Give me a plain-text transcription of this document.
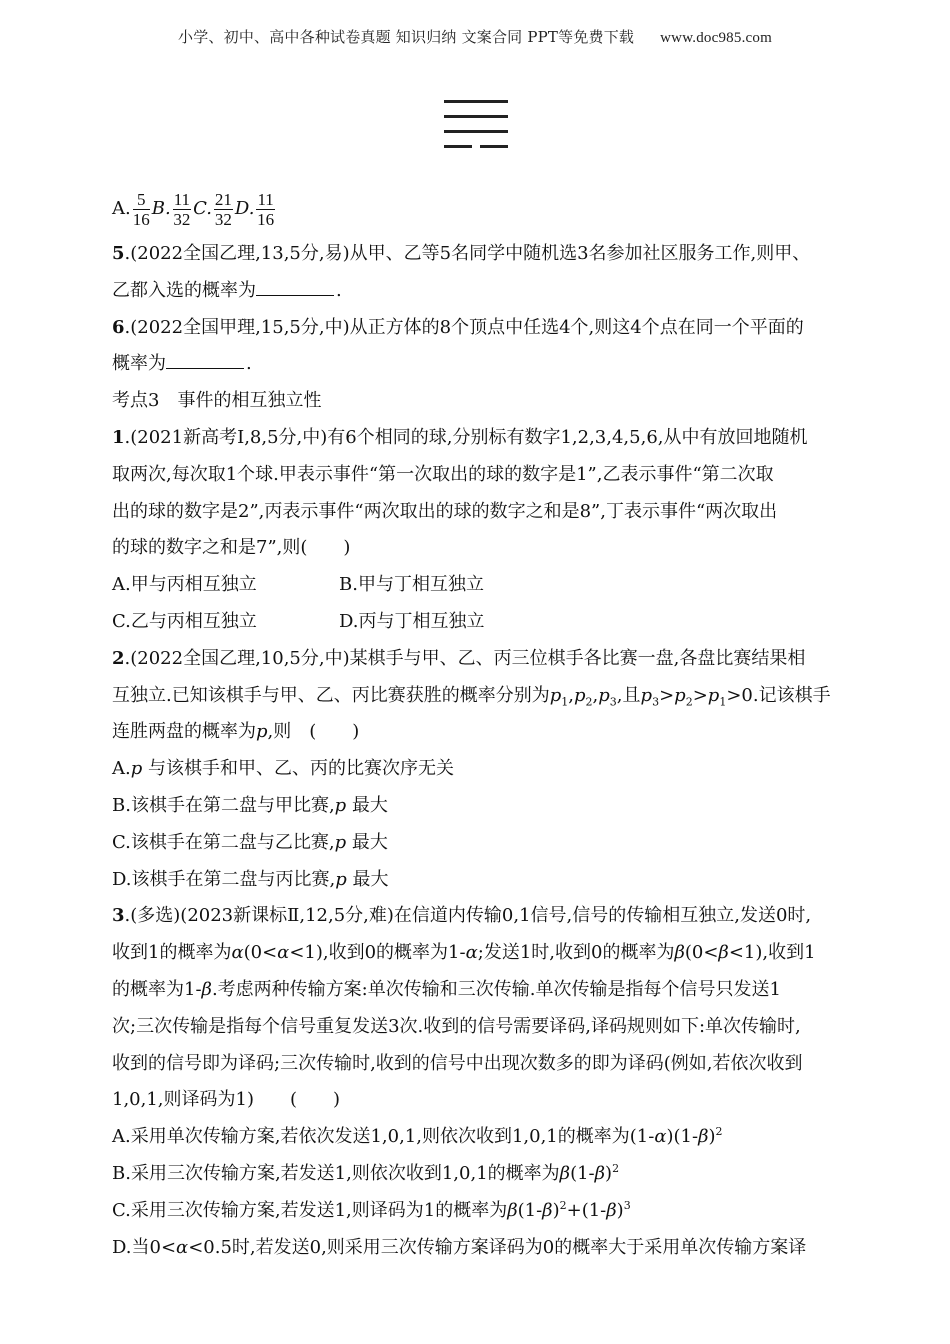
小学、初中、高中各种试卷真题 知识归纳 文案合同 PPT等免费下载 www.doc985.com

A. $\frac{5}{16} B$. $\frac{11}{32} C$. $\frac{21}{32} D$. $\frac{11}{16}$

5.(2022全国乙理,13,5分,易)从甲、乙等5名同学中随机选3名参加社区服务工作,则甲、

乙都入选的概率为	.

6.(2022全国甲理,15,5分,中)从正方体的8个顶点中任选4个,则这4个点在同一个平面的

概率为	.

考点3　事件的相互独立性

1.(2021新高考Ⅰ,8,5分,中)有6个相同的球,分别标有数字1,2,3,4,5,6,从中有放回地随机

取两次,每次取1个球.甲表示事件“第一次取出的球的数字是1”,乙表示事件“第二次取

出的球的数字是2”,丙表示事件“两次取出的球的数字之和是8”,丁表示事件“两次取出

的球的数字之和是7”,则(　　)

A.甲与丙相互独立	B.甲与丁相互独立
C.乙与丙相互独立	D.丙与丁相互独立

2.(2022全国乙理,10,5分,中)某棋手与甲、乙、丙三位棋手各比赛一盘,各盘比赛结果相

互独立.已知该棋手与甲、乙、丙比赛获胜的概率分别为$p_1,p_2,p_3$,且$p_3>p_2>p_1>0$.记该棋手

连胜两盘的概率为p,则　(　　)

A.p 与该棋手和甲、乙、丙的比赛次序无关

B.该棋手在第二盘与甲比赛,p 最大

C.该棋手在第二盘与乙比赛,p 最大

D.该棋手在第二盘与丙比赛,p 最大

3.(多选)(2023新课标Ⅱ,12,5分,难)在信道内传输0,1信号,信号的传输相互独立,发送0时,

收到1的概率为α(0<α<1),收到0的概率为1-α;发送1时,收到0的概率为β(0<β<1),收到1

的概率为1-β.考虑两种传输方案:单次传输和三次传输.单次传输是指每个信号只发送1

次;三次传输是指每个信号重复发送3次.收到的信号需要译码,译码规则如下:单次传输时,

收到的信号即为译码;三次传输时,收到的信号中出现次数多的即为译码(例如,若依次收到

1,0,1,则译码为1)　　(　　)

A.采用单次传输方案,若依次发送1,0,1,则依次收到1,0,1的概率为$(1-\alpha)(1-\beta)^2$

B.采用三次传输方案,若发送1,则依次收到1,0,1的概率为$\beta(1-\beta)^2$

C.采用三次传输方案,若发送1,则译码为1的概率为$\beta(1-\beta)^2+(1-\beta)^3$

D.当0<α<0.5时,若发送0,则采用三次传输方案译码为0的概率大于采用单次传输方案译
